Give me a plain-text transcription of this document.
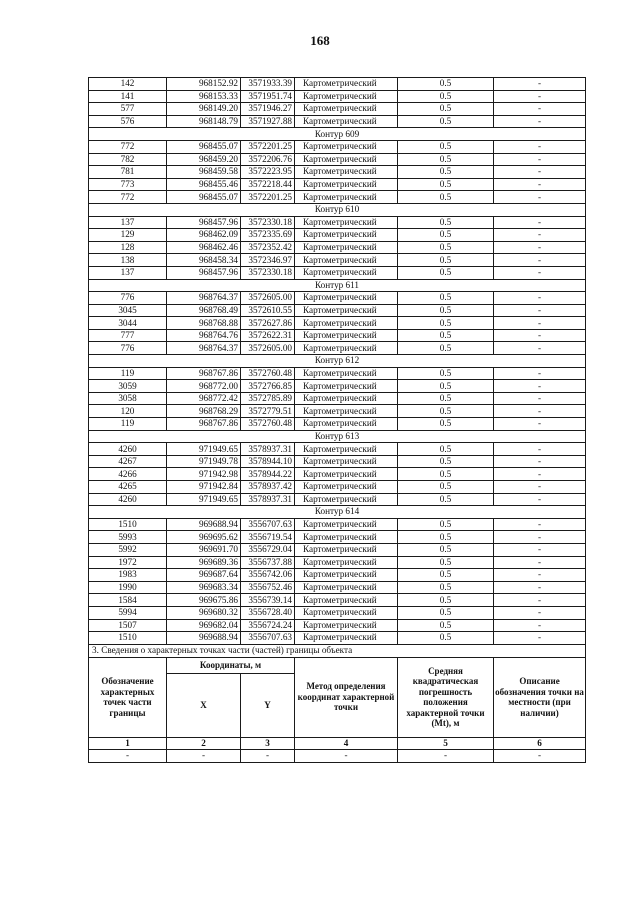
168
142	968152.92	3571933.39	Картометрический	0.5	-
141	968153.33	3571951.74	Картометрический	0.5	-
577	968149.20	3571946.27	Картометрический	0.5	-
576	968148.79	3571927.88	Картометрический	0.5	-
Контур 609					
772	968455.07	3572201.25	Картометрический	0.5	-
782	968459.20	3572206.76	Картометрический	0.5	-
781	968459.58	3572223.95	Картометрический	0.5	-
773	968455.46	3572218.44	Картометрический	0.5	-
772	968455.07	3572201.25	Картометрический	0.5	-
Контур 610					
137	968457.96	3572330.18	Картометрический	0.5	-
129	968462.09	3572335.69	Картометрический	0.5	-
128	968462.46	3572352.42	Картометрический	0.5	-
138	968458.34	3572346.97	Картометрический	0.5	-
137	968457.96	3572330.18	Картометрический	0.5	-
Контур 611					
776	968764.37	3572605.00	Картометрический	0.5	-
3045	968768.49	3572610.55	Картометрический	0.5	-
3044	968768.88	3572627.86	Картометрический	0.5	-
777	968764.76	3572622.31	Картометрический	0.5	-
776	968764.37	3572605.00	Картометрический	0.5	-
Контур 612					
119	968767.86	3572760.48	Картометрический	0.5	-
3059	968772.00	3572766.85	Картометрический	0.5	-
3058	968772.42	3572785.89	Картометрический	0.5	-
120	968768.29	3572779.51	Картометрический	0.5	-
119	968767.86	3572760.48	Картометрический	0.5	-
Контур 613					
4260	971949.65	3578937.31	Картометрический	0.5	-
4267	971949.78	3578944.10	Картометрический	0.5	-
4266	971942.98	3578944.22	Картометрический	0.5	-
4265	971942.84	3578937.42	Картометрический	0.5	-
4260	971949.65	3578937.31	Картометрический	0.5	-
Контур 614					
1510	969688.94	3556707.63	Картометрический	0.5	-
5993	969695.62	3556719.54	Картометрический	0.5	-
5992	969691.70	3556729.04	Картометрический	0.5	-
1972	969689.36	3556737.88	Картометрический	0.5	-
1983	969687.64	3556742.06	Картометрический	0.5	-
1990	969683.34	3556752.46	Картометрический	0.5	-
1584	969675.86	3556739.14	Картометрический	0.5	-
5994	969680.32	3556728.40	Картометрический	0.5	-
1507	969682.04	3556724.24	Картометрический	0.5	-
1510	969688.94	3556707.63	Картометрический	0.5	-
3. Сведения о характерных точках части (частей) границы объекта					
Обозначение характерных точек части границы	Координаты, м		Метод определения координат характерной точки	Средняя квадратическая погрешность положения характерной точки (Mt), м	Описание обозначения точки на местности (при наличии)
	X	Y			
1	2	3	4	5	6
-	-	-	-	-	-
